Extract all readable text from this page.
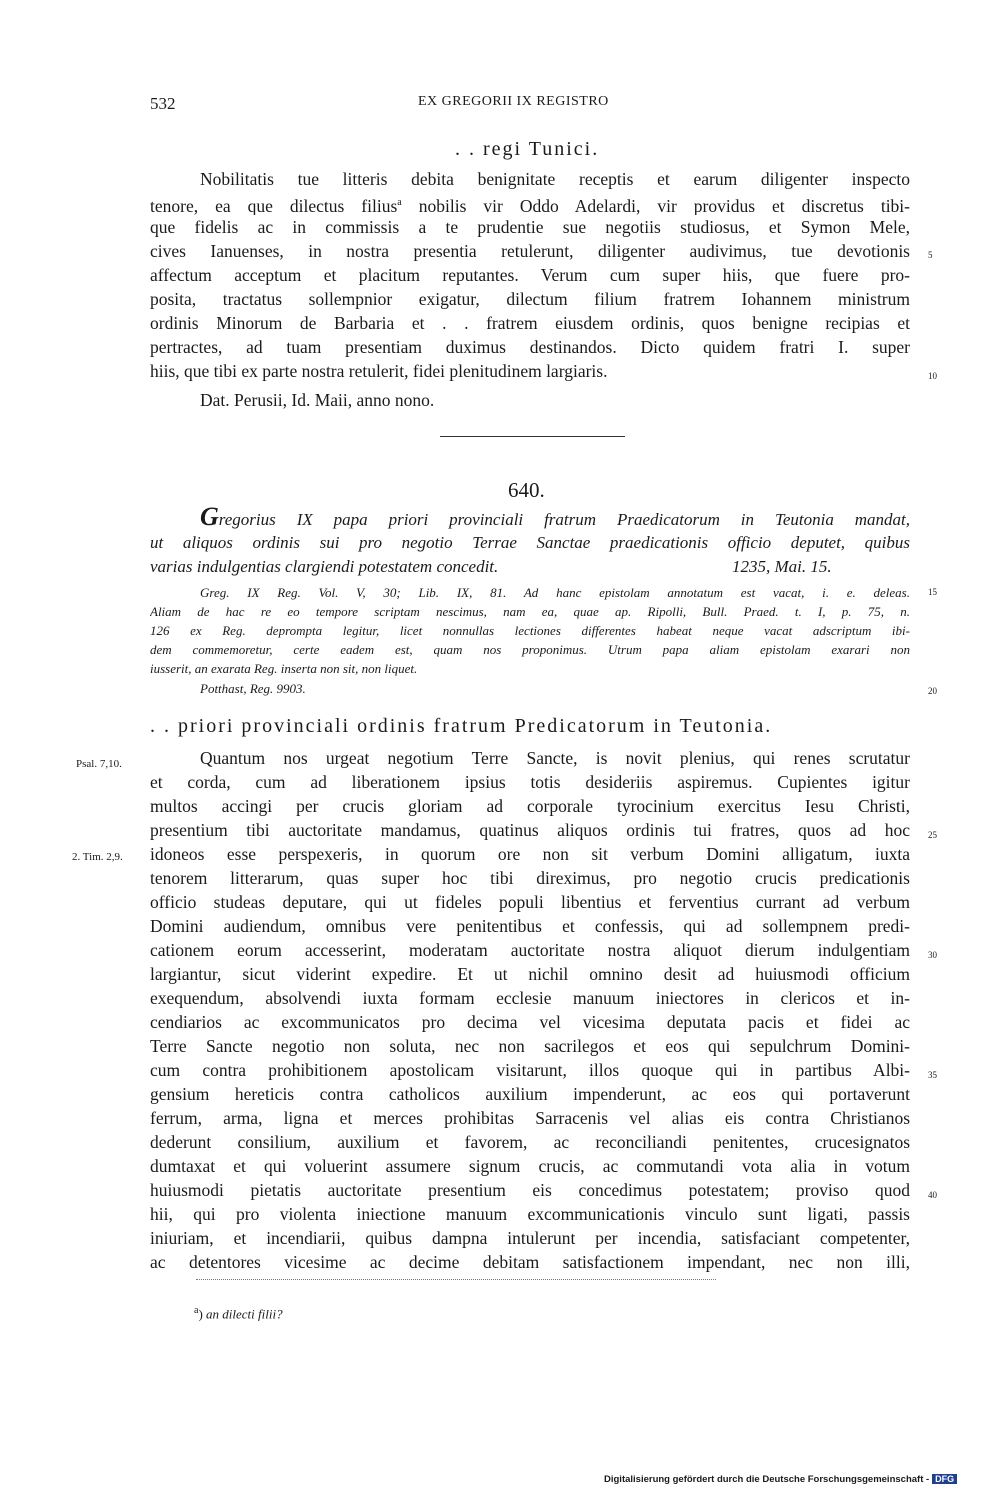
532	EX GREGORII IX REGISTRO
. . regi Tunici.
Nobilitatis tue litteris debita benignitate receptis et earum diligenter inspecto
tenore, ea que dilectus filius$^a$ nobilis vir Oddo Adelardi, vir providus et discretus tibi-
que fidelis ac in commissis a te prudentie sue negotiis studiosus, et Symon Mele,
cives Ianuenses, in nostra presentia retulerunt, diligenter audivimus, tue devotionis
affectum acceptum et placitum reputantes. Verum cum super hiis, que fuere pro-
posita, tractatus sollempnior exigatur, dilectum filium fratrem Iohannem ministrum
ordinis Minorum de Barbaria et . . fratrem eiusdem ordinis, quos benigne recipias et
pertractes, ad tuam presentiam duximus destinandos. Dicto quidem fratri I. super
hiis, que tibi ex parte nostra retulerit, fidei plenitudinem largiaris.
Dat. Perusii, Id. Maii, anno nono.
5
10
640.
Gregorius IX papa priori provinciali fratrum Praedicatorum in Teutonia mandat,
ut aliquos ordinis sui pro negotio Terrae Sanctae praedicationis officio deputet, quibus
varias indulgentias clargiendi potestatem concedit.	1235, Mai. 15.
Greg. IX Reg. Vol. V, 30; Lib. IX, 81. Ad hanc epistolam annotatum est vacat, i. e. deleas.
Aliam de hac re eo tempore scriptam nescimus, nam ea, quae ap. Ripolli, Bull. Praed. t. I, p. 75, n.
126 ex Reg. deprompta legitur, licet nonnullas lectiones differentes habeat neque vacat adscriptum ibi-
dem commemoretur, certe eadem est, quam nos proponimus. Utrum papa aliam epistolam exarari non
iusserit, an exarata Reg. inserta non sit, non liquet.
Potthast, Reg. 9903.
15
20
. . priori provinciali ordinis fratrum Predicatorum in Teutonia.
Psal. 7,10.
2. Tim. 2,9.
Quantum nos urgeat negotium Terre Sancte, is novit plenius, qui renes scrutatur
et corda, cum ad liberationem ipsius totis desideriis aspiremus. Cupientes igitur
multos accingi per crucis gloriam ad corporale tyrocinium exercitus Iesu Christi,
presentium tibi auctoritate mandamus, quatinus aliquos ordinis tui fratres, quos ad hoc
idoneos esse perspexeris, in quorum ore non sit verbum Domini alligatum, iuxta
tenorem litterarum, quas super hoc tibi direximus, pro negotio crucis predicationis
officio studeas deputare, qui ut fideles populi libentius et ferventius currant ad verbum
Domini audiendum, omnibus vere penitentibus et confessis, qui ad sollempnem predi-
cationem eorum accesserint, moderatam auctoritate nostra aliquot dierum indulgentiam
largiantur, sicut viderint expedire. Et ut nichil omnino desit ad huiusmodi officium
exequendum, absolvendi iuxta formam ecclesie manuum iniectores in clericos et in-
cendiarios ac excommunicatos pro decima vel vicesima deputata pacis et fidei ac
Terre Sancte negotio non soluta, nec non sacrilegos et eos qui sepulchrum Domini-
cum contra prohibitionem apostolicam visitarunt, illos quoque qui in partibus Albi-
gensium hereticis contra catholicos auxilium impenderunt, ac eos qui portaverunt
ferrum, arma, ligna et merces prohibitas Sarracenis vel alias eis contra Christianos
dederunt consilium, auxilium et favorem, ac reconciliandi penitentes, crucesignatos
dumtaxat et qui voluerint assumere signum crucis, ac commutandi vota alia in votum
huiusmodi pietatis auctoritate presentium eis concedimus potestatem; proviso quod
hii, qui pro violenta iniectione manuum excommunicationis vinculo sunt ligati, passis
iniuriam, et incendiarii, quibus dampna intulerunt per incendia, satisfaciant competenter,
ac detentores vicesime ac decime debitam satisfactionem impendant, nec non illi,
25
30
35
40
$^a$) an dilecti filii?
Digitalisierung gefördert durch die Deutsche Forschungsgemeinschaft - DFG
